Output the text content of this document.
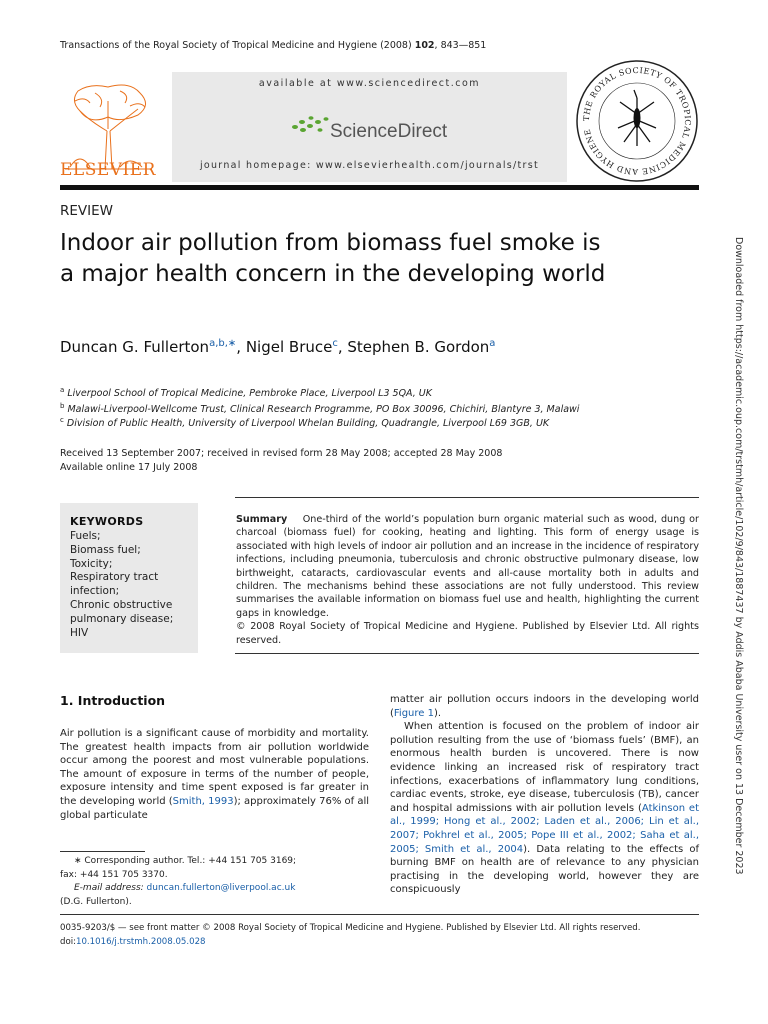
Transactions of the Royal Society of Tropical Medicine and Hygiene (2008) 102, 843—851
ELSEVIER
available at www.sciencedirect.com
ScienceDirect
journal homepage: www.elsevierhealth.com/journals/trst
THE ROYAL SOCIETY OF TROPICAL MEDICINE AND HYGIENE
REVIEW
Indoor air pollution from biomass fuel smoke is a major health concern in the developing world
Duncan G. Fullerton$^{a,b,∗}$, Nigel Bruce$^c$, Stephen B. Gordon$^a$
$^a$ Liverpool School of Tropical Medicine, Pembroke Place, Liverpool L3 5QA, UK
$^b$ Malawi-Liverpool-Wellcome Trust, Clinical Research Programme, PO Box 30096, Chichiri, Blantyre 3, Malawi
$^c$ Division of Public Health, University of Liverpool Whelan Building, Quadrangle, Liverpool L69 3GB, UK
Received 13 September 2007; received in revised form 28 May 2008; accepted 28 May 2008
Available online 17 July 2008
KEYWORDS
Fuels;
Biomass fuel;
Toxicity;
Respiratory tract infection;
Chronic obstructive pulmonary disease;
HIV
Summary One-third of the world’s population burn organic material such as wood, dung or charcoal (biomass fuel) for cooking, heating and lighting. This form of energy usage is associated with high levels of indoor air pollution and an increase in the incidence of respiratory infections, including pneumonia, tuberculosis and chronic obstructive pulmonary disease, low birthweight, cataracts, cardiovascular events and all-cause mortality both in adults and children. The mechanisms behind these associations are not fully understood. This review summarises the available information on biomass fuel use and health, highlighting the current gaps in knowledge.
© 2008 Royal Society of Tropical Medicine and Hygiene. Published by Elsevier Ltd. All rights reserved.
1. Introduction
Air pollution is a significant cause of morbidity and mortality. The greatest health impacts from air pollution worldwide occur among the poorest and most vulnerable populations. The amount of exposure in terms of the number of people, exposure intensity and time spent exposed is far greater in the developing world (Smith, 1993); approximately 76% of all global particulate
matter air pollution occurs indoors in the developing world (Figure 1).
When attention is focused on the problem of indoor air pollution resulting from the use of ‘biomass fuels’ (BMF), an enormous health burden is uncovered. There is now evidence linking an increased risk of respiratory tract infections, exacerbations of inflammatory lung conditions, cardiac events, stroke, eye disease, tuberculosis (TB), cancer and hospital admissions with air pollution levels (Atkinson et al., 1999; Hong et al., 2002; Laden et al., 2006; Lin et al., 2007; Pokhrel et al., 2005; Pope III et al., 2002; Saha et al., 2005; Smith et al., 2004). Data relating to the effects of burning BMF on health are of relevance to any physician practising in the developing world, however they are conspicuously
∗ Corresponding author. Tel.: +44 151 705 3169;
fax: +44 151 705 3370.
E-mail address: duncan.fullerton@liverpool.ac.uk
(D.G. Fullerton).
0035-9203/$ — see front matter © 2008 Royal Society of Tropical Medicine and Hygiene. Published by Elsevier Ltd. All rights reserved.
doi:10.1016/j.trstmh.2008.05.028
Downloaded from https://academic.oup.com/trstmh/article/102/9/843/1887437 by Addis Ababa University user on 13 December 2023
